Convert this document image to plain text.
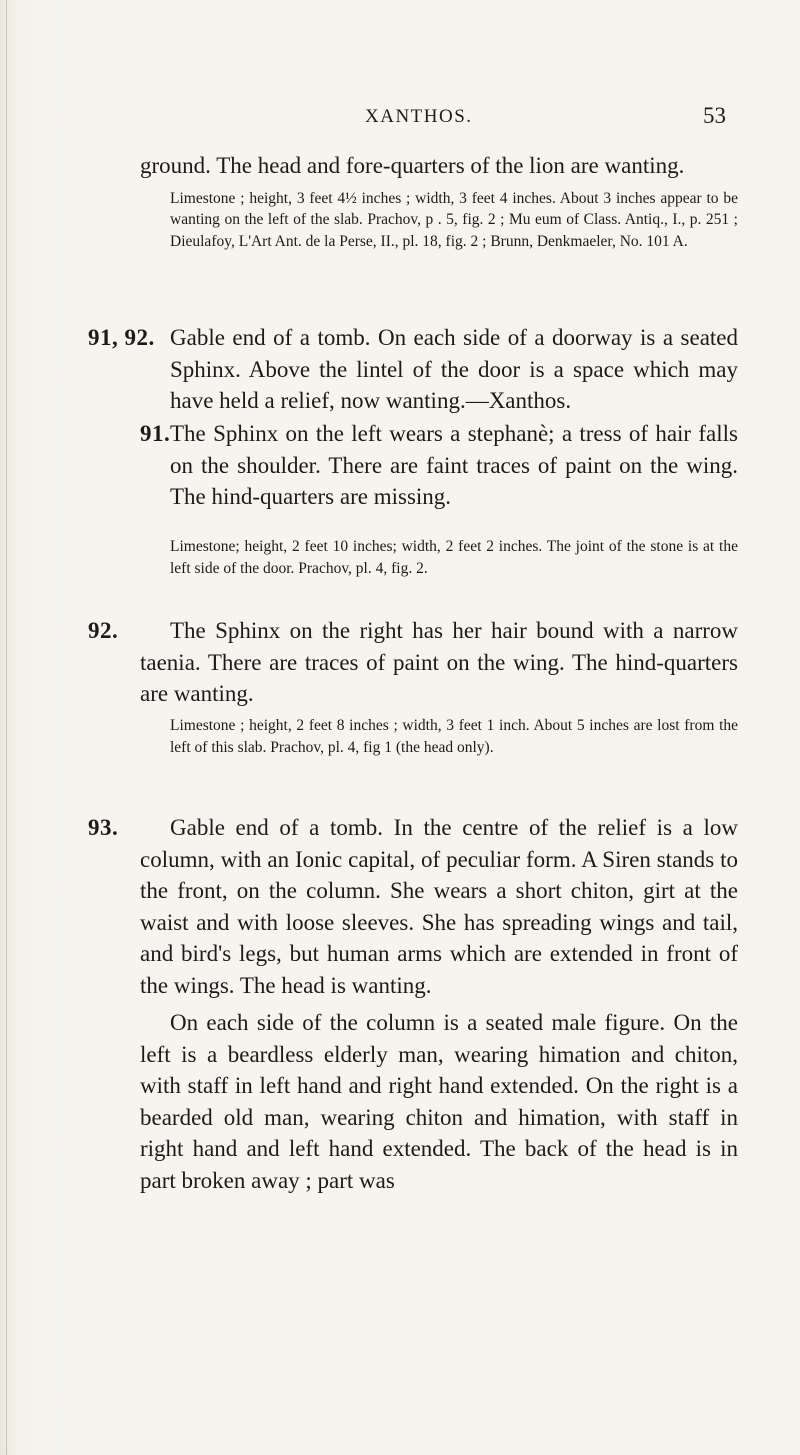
XANTHOS.	53

ground. The head and fore-quarters of the lion are wanting.

Limestone ; height, 3 feet 4½ inches ; width, 3 feet 4 inches. About 3 inches appear to be wanting on the left of the slab. Prachov, p . 5, fig. 2 ; Mu eum of Class. Antiq., I., p. 251 ; Dieulafoy, L'Art Ant. de la Perse, II., pl. 18, fig. 2 ; Brunn, Denkmaeler, No. 101 A.

91, 92. Gable end of a tomb. On each side of a doorway is a seated Sphinx. Above the lintel of the door is a space which may have held a relief, now wanting.—Xanthos.

91. The Sphinx on the left wears a stephanè; a tress of hair falls on the shoulder. There are faint traces of paint on the wing. The hind-quarters are missing.

Limestone; height, 2 feet 10 inches; width, 2 feet 2 inches. The joint of the stone is at the left side of the door. Prachov, pl. 4, fig. 2.

92.	The Sphinx on the right has her hair bound with a narrow taenia. There are traces of paint on the wing. The hind-quarters are wanting.

Limestone ; height, 2 feet 8 inches ; width, 3 feet 1 inch. About 5 inches are lost from the left of this slab. Prachov, pl. 4, fig 1 (the head only).

93.	Gable end of a tomb. In the centre of the relief is a low column, with an Ionic capital, of peculiar form. A Siren stands to the front, on the column. She wears a short chiton, girt at the waist and with loose sleeves. She has spreading wings and tail, and bird's legs, but human arms which are extended in front of the wings. The head is wanting.

On each side of the column is a seated male figure. On the left is a beardless elderly man, wearing himation and chiton, with staff in left hand and right hand extended. On the right is a bearded old man, wearing chiton and himation, with staff in right hand and left hand extended. The back of the head is in part broken away ; part was
